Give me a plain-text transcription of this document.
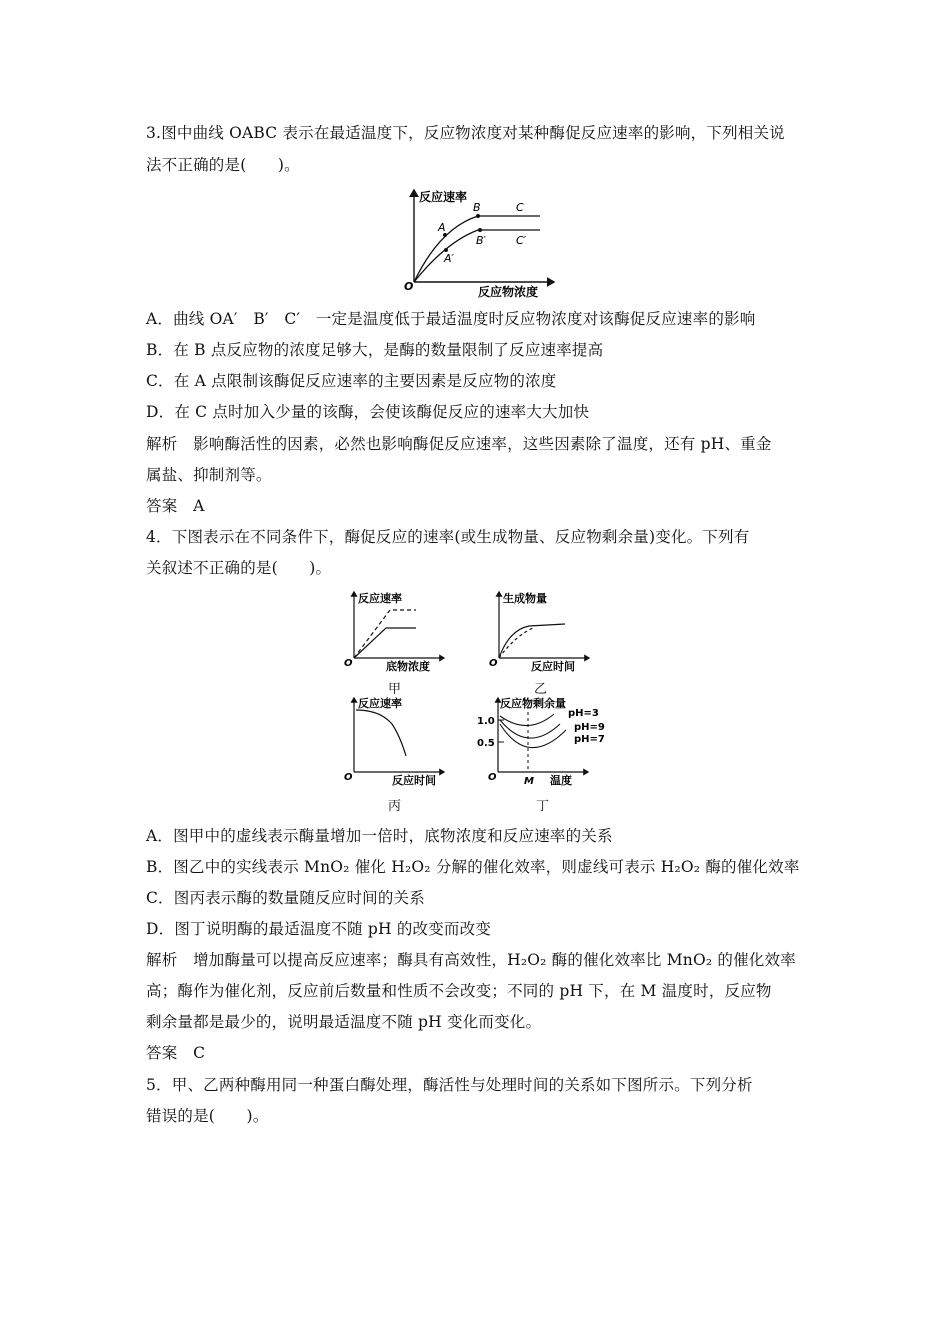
3.图中曲线 OABC 表示在最适温度下，反应物浓度对某种酶促反应速率的影响，下列相关说
法不正确的是(　　)。
反应速率
反应物浓度
O
A
B	C
A′
B′	C′
A．曲线 OA′　B′　C′　一定是温度低于最适温度时反应物浓度对该酶促反应速率的影响
B．在 B 点反应物的浓度足够大，是酶的数量限制了反应速率提高
C．在 A 点限制该酶促反应速率的主要因素是反应物的浓度
D．在 C 点时加入少量的该酶，会使该酶促反应的速率大大加快
解析　影响酶活性的因素，必然也影响酶促反应速率，这些因素除了温度，还有 pH、重金
属盐、抑制剂等。
答案　A
4．下图表示在不同条件下，酶促反应的速率(或生成物量、反应物剩余量)变化。下列有
关叙述不正确的是(　　)。
反应速率
底物浓度
O
甲
生成物量
反应时间
O
乙
反应速率
反应时间
O
丙
反应物剩余量
温度
O
1.0
0.5
M
pH=3
pH=9
pH=7
丁
A．图甲中的虚线表示酶量增加一倍时，底物浓度和反应速率的关系
B．图乙中的实线表示 MnO₂ 催化 H₂O₂ 分解的催化效率，则虚线可表示 H₂O₂ 酶的催化效率
C．图丙表示酶的数量随反应时间的关系
D．图丁说明酶的最适温度不随 pH 的改变而改变
解析　增加酶量可以提高反应速率；酶具有高效性，H₂O₂ 酶的催化效率比 MnO₂ 的催化效率
高；酶作为催化剂，反应前后数量和性质不会改变；不同的 pH 下，在 M 温度时，反应物
剩余量都是最少的，说明最适温度不随 pH 变化而变化。
答案　C
5．甲、乙两种酶用同一种蛋白酶处理，酶活性与处理时间的关系如下图所示。下列分析
错误的是(　　)。
